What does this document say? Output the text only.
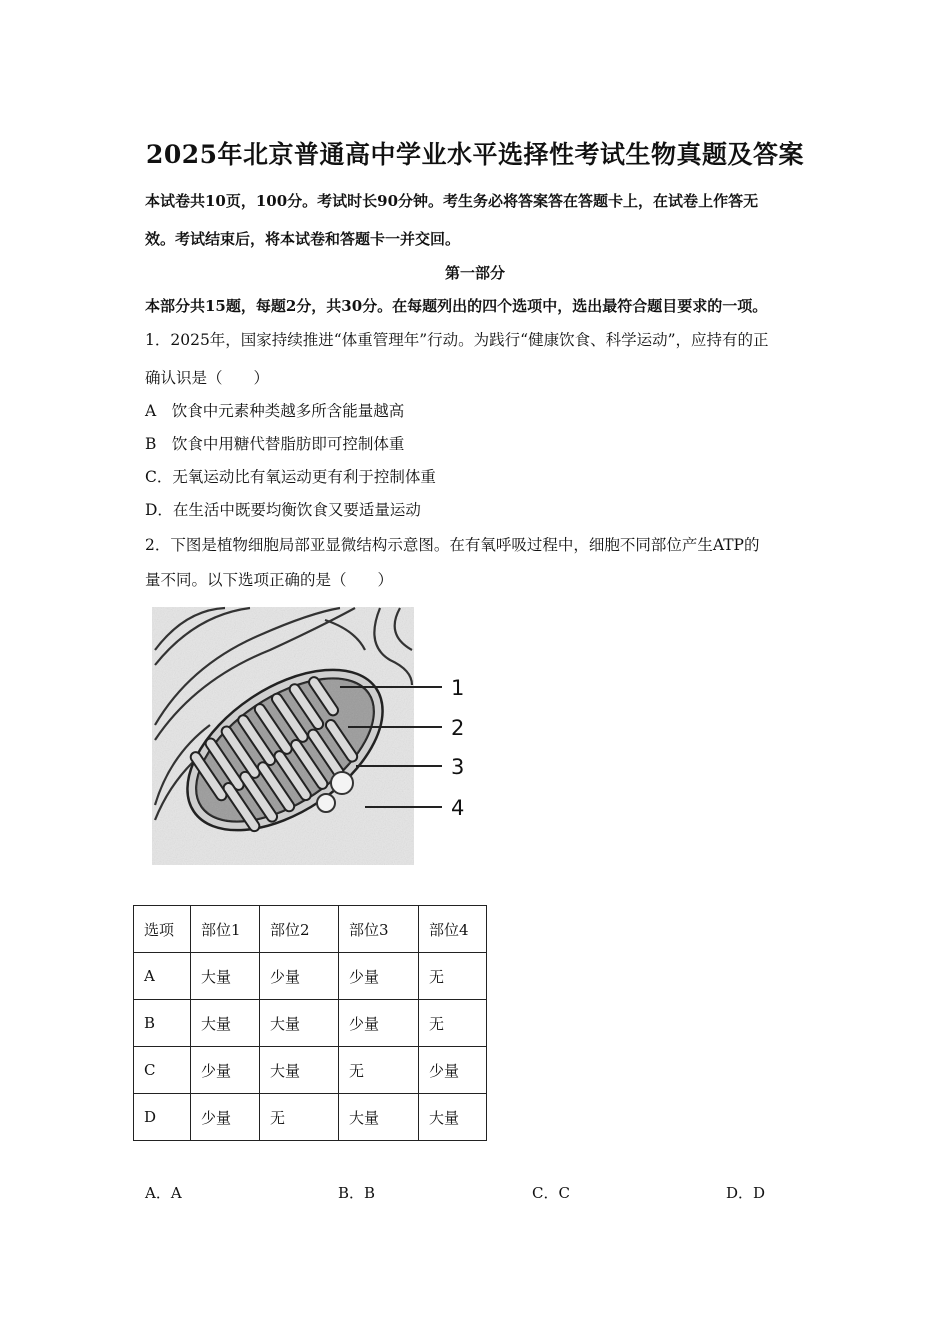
2025年北京普通高中学业水平选择性考试生物真题及答案
本试卷共10页，100分。考试时长90分钟。考生务必将答案答在答题卡上，在试卷上作答无
效。考试结束后，将本试卷和答题卡一并交回。
第一部分
本部分共15题，每题2分，共30分。在每题列出的四个选项中，选出最符合题目要求的一项。
1．2025年，国家持续推进“体重管理年”行动。为践行“健康饮食、科学运动”，应持有的正
确认识是（　　）
A　饮食中元素种类越多所含能量越高
B　饮食中用糖代替脂肪即可控制体重
C．无氧运动比有氧运动更有利于控制体重
D．在生活中既要均衡饮食又要适量运动
2．下图是植物细胞局部亚显微结构示意图。在有氧呼吸过程中，细胞不同部位产生ATP的
量不同。以下选项正确的是（　　）
1
2
3
4
选项	部位1	部位2	部位3	部位4
A	大量	少量	少量	无
B	大量	大量	少量	无
C	少量	大量	无	少量
D	少量	无	大量	大量
A．A	B．B	C．C	D．D
